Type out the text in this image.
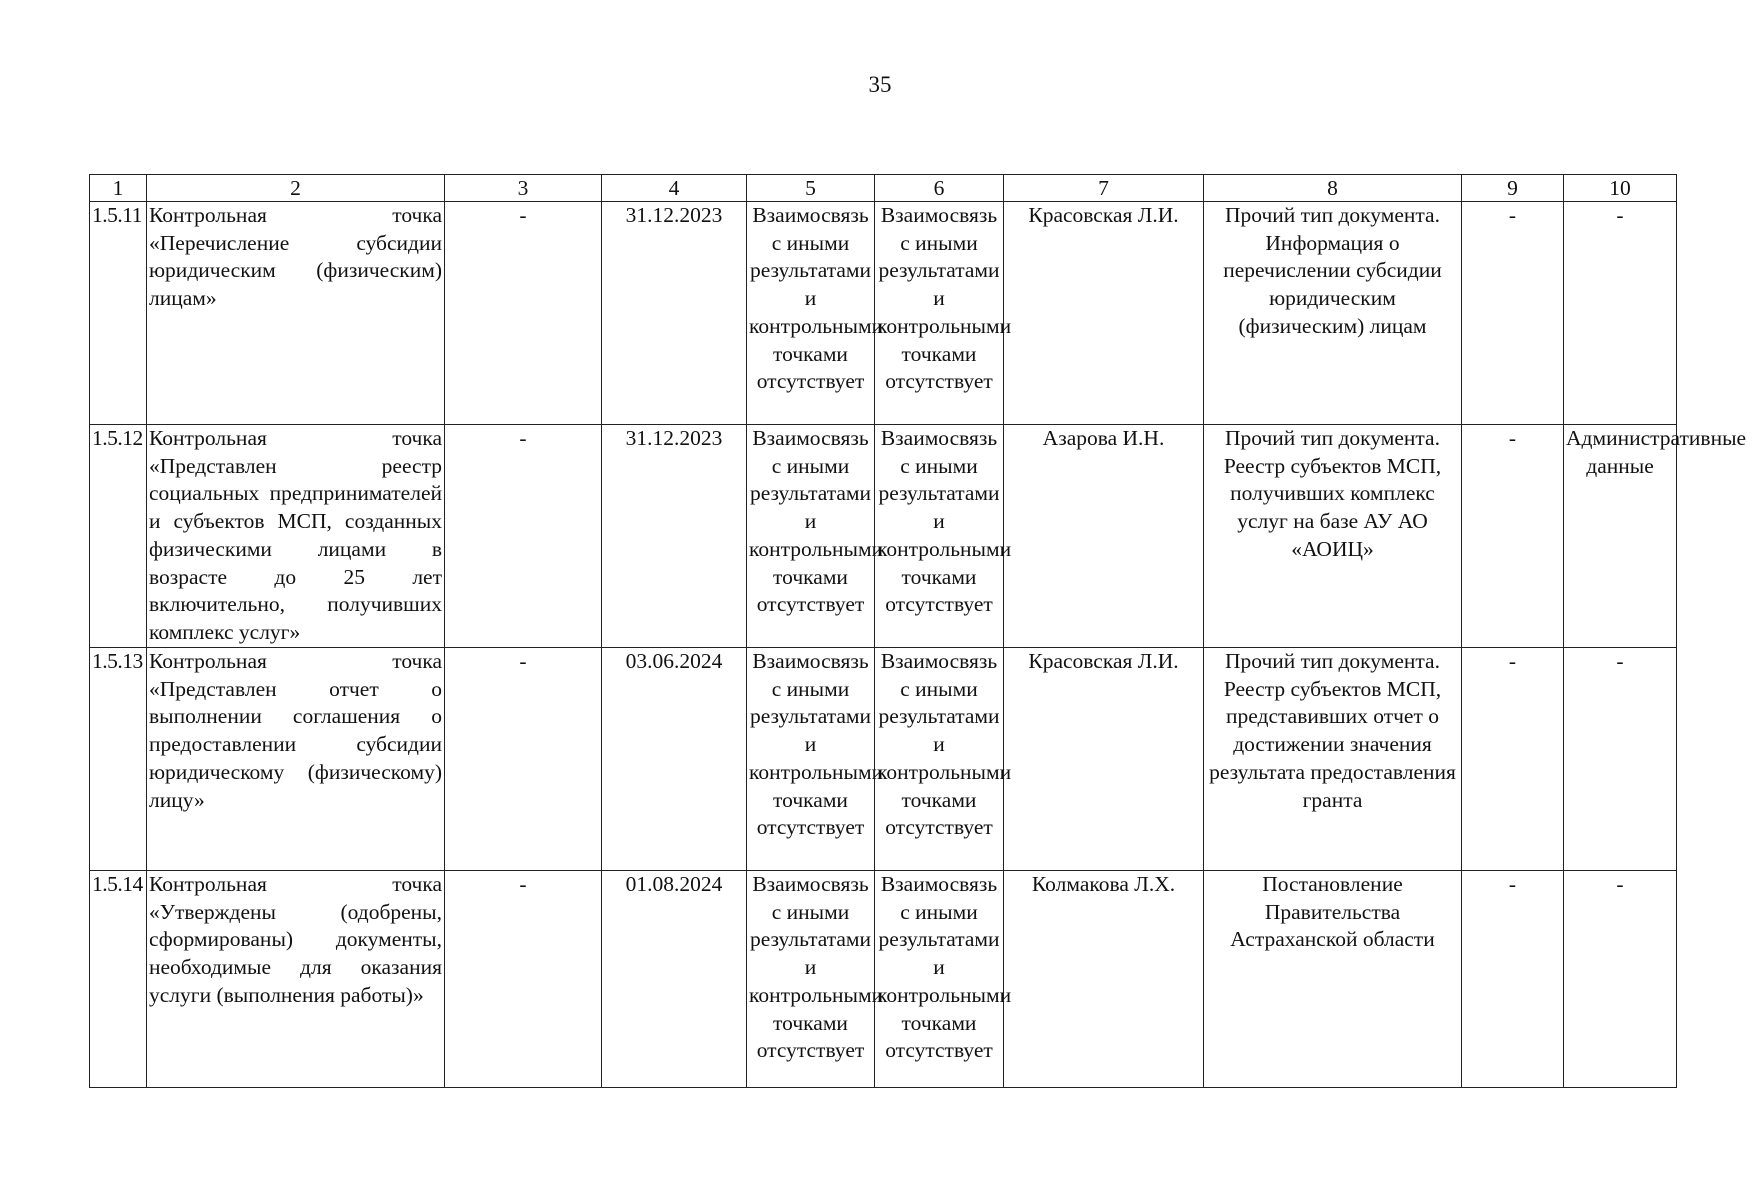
35
1	2	3	4	5	6	7	8	9	10
1.5.11	Контрольная точка «Перечисление субсидии юридическим (физическим) лицам»	-	31.12.2023	Взаимосвязь с иными результатами и контрольными точками отсутствует	Взаимосвязь с иными результатами и контрольными точками отсутствует	Красовская Л.И.	Прочий тип документа. Информация о перечислении субсидии юридическим (физическим) лицам	-	-
1.5.12	Контрольная точка «Представлен реестр социальных предпринимателей и субъектов МСП, созданных физическими лицами в возрасте до 25 лет включительно, получивших комплекс услуг»	-	31.12.2023	Взаимосвязь с иными результатами и контрольными точками отсутствует	Взаимосвязь с иными результатами и контрольными точками отсутствует	Азарова И.Н.	Прочий тип документа. Реестр субъектов МСП, получивших комплекс услуг на базе АУ АО «АОИЦ»	-	Административные данные
1.5.13	Контрольная точка «Представлен отчет о выполнении соглашения о предоставлении субсидии юридическому (физическому) лицу»	-	03.06.2024	Взаимосвязь с иными результатами и контрольными точками отсутствует	Взаимосвязь с иными результатами и контрольными точками отсутствует	Красовская Л.И.	Прочий тип документа. Реестр субъектов МСП, представивших отчет о достижении значения результата предоставления гранта	-	-
1.5.14	Контрольная точка «Утверждены (одобрены, сформированы) документы, необходимые для оказания услуги (выполнения работы)»	-	01.08.2024	Взаимосвязь с иными результатами и контрольными точками отсутствует	Взаимосвязь с иными результатами и контрольными точками отсутствует	Колмакова Л.Х.	Постановление Правительства Астраханской области	-	-
